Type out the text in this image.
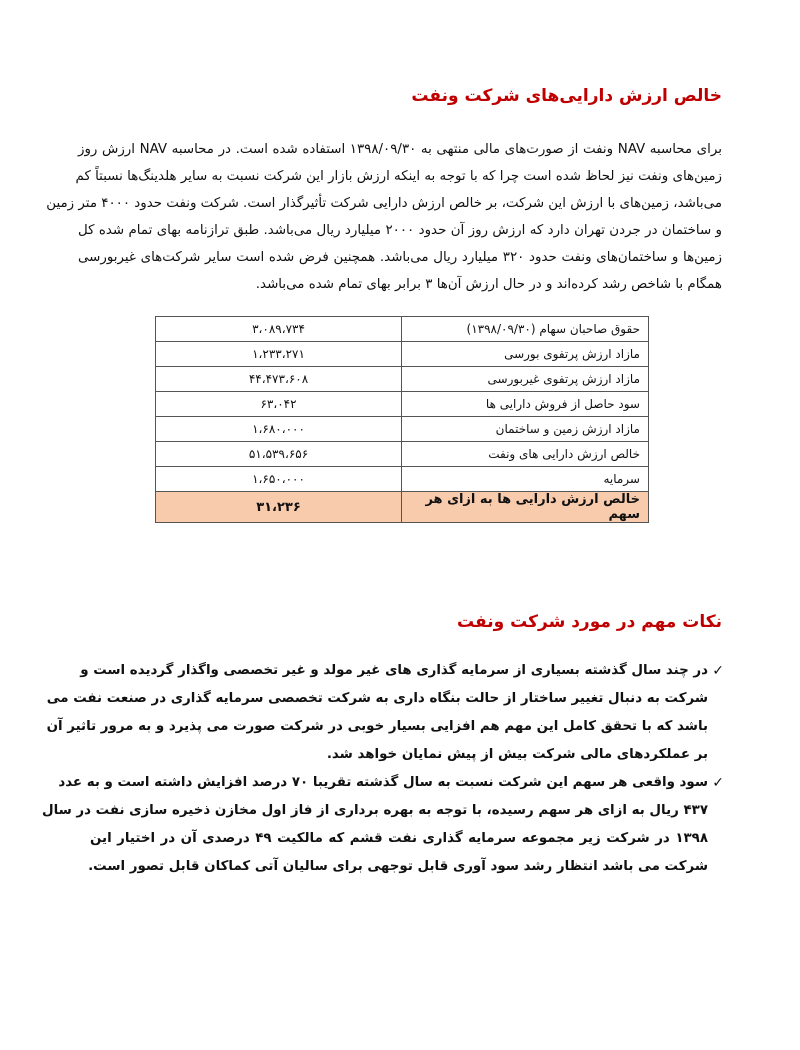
خالص ارزش دارایی‌های شرکت ونفت
برای محاسبه NAV ونفت از صورت‌های مالی منتهی به ۱۳۹۸/۰۹/۳۰ استفاده شده است. در محاسبه NAV ارزش روز
زمین‌های ونفت نیز لحاظ شده است چرا که با توجه به اینکه ارزش بازار این شرکت نسبت به سایر هلدینگ‌ها نسبتاً کم
می‌باشد، زمین‌های با ارزش این شرکت، بر خالص ارزش دارایی شرکت تأثیرگذار است. شرکت ونفت حدود ۴۰۰۰ متر زمین
و ساختمان در جردن تهران دارد که ارزش روز آن حدود ۲۰۰۰ میلیارد ریال می‌باشد. طبق ترازنامه بهای تمام شده کل
زمین‌ها و ساختمان‌های ونفت حدود ۳۲۰ میلیارد ریال می‌باشد. همچنین فرض شده است سایر شرکت‌های غیربورسی
همگام با شاخص رشد کرده‌اند و در حال ارزش آن‌ها ۳ برابر بهای تمام شده می‌باشد.
حقوق صاحبان سهام (۱۳۹۸/۰۹/۳۰)	۳،۰۸۹،۷۳۴
مازاد ارزش پرتفوی بورسی	۱،۲۳۳،۲۷۱
مازاد ارزش پرتفوی غیربورسی	۴۴،۴۷۳،۶۰۸
سود حاصل از فروش دارایی ها	۶۳،۰۴۲
مازاد ارزش زمین و ساختمان	۱،۶۸۰،۰۰۰
خالص ارزش دارایی های ونفت	۵۱،۵۳۹،۶۵۶
سرمایه	۱،۶۵۰،۰۰۰
خالص ارزش دارایی ها به ازای هر سهم	۳۱،۲۳۶
نکات مهم در مورد شرکت ونفت
✓
در چند سال گذشته بسیاری از سرمایه گذاری های غیر مولد و غیر تخصصی واگذار گردیده است و
شرکت به دنبال تغییر ساختار از حالت بنگاه داری به شرکت تخصصی سرمایه گذاری در صنعت نفت می
باشد که با تحقق کامل این مهم هم افزایی بسیار خوبی در شرکت صورت می پذیرد و به مرور تاثیر آن
بر عملکردهای مالی شرکت بیش از پیش نمایان خواهد شد.
✓
سود واقعی هر سهم این شرکت نسبت به سال گذشته تقریبا ۷۰ درصد افزایش داشته است و به عدد
۴۳۷ ریال به ازای هر سهم رسیده، با توجه به بهره برداری از فاز اول مخازن ذخیره سازی نفت در سال
۱۳۹۸ در شرکت زیر مجموعه سرمایه گذاری نفت قشم که مالکیت ۴۹ درصدی آن در اختیار این
شرکت می باشد انتظار رشد سود آوری قابل توجهی برای سالیان آتی کماکان قابل تصور است.
